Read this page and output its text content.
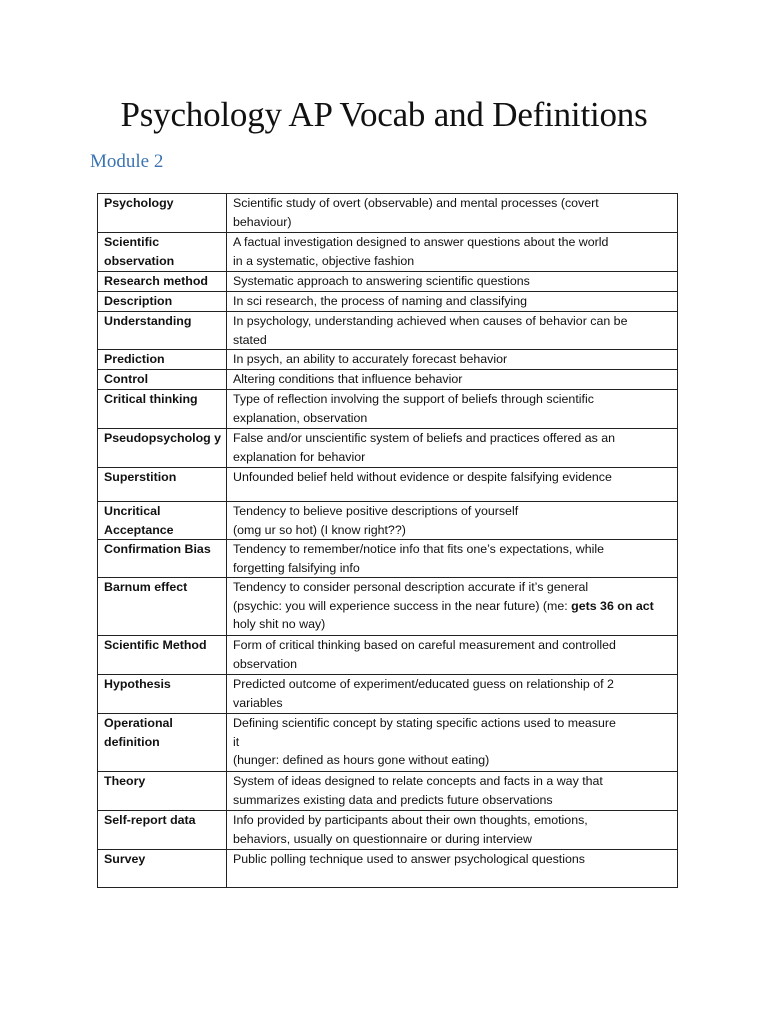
Psychology AP Vocab and Definitions
Module 2
Psychology	Scientific study of overt (observable) and mental processes (covert
behaviour)
Scientific observation	A factual investigation designed to answer questions about the world
in a systematic, objective fashion
Research method	Systematic approach to answering scientific questions
Description	In sci research, the process of naming and classifying
Understanding	In psychology, understanding achieved when causes of behavior can be
stated
Prediction	In psych, an ability to accurately forecast behavior
Control	Altering conditions that influence behavior
Critical thinking	Type of reflection involving the support of beliefs through scientific
explanation, observation
Pseudopsycholog y	False and/or unscientific system of beliefs and practices offered as an
explanation for behavior
Superstition	Unfounded belief held without evidence or despite falsifying evidence
Uncritical Acceptance	Tendency to believe positive descriptions of yourself
(omg ur so hot) (I know right??)
Confirmation Bias	Tendency to remember/notice info that fits one’s expectations, while
forgetting falsifying info
Barnum effect	Tendency to consider personal description accurate if it’s general
(psychic: you will experience success in the near future) (me: gets 36 on act holy shit no way)
Scientific Method	Form of critical thinking based on careful measurement and controlled
observation
Hypothesis	Predicted outcome of experiment/educated guess on relationship of 2
variables
Operational definition	Defining scientific concept by stating specific actions used to measure
it
(hunger: defined as hours gone without eating)
Theory	System of ideas designed to relate concepts and facts in a way that
summarizes existing data and predicts future observations
Self-report data	Info provided by participants about their own thoughts, emotions,
behaviors, usually on questionnaire or during interview
Survey	Public polling technique used to answer psychological questions
